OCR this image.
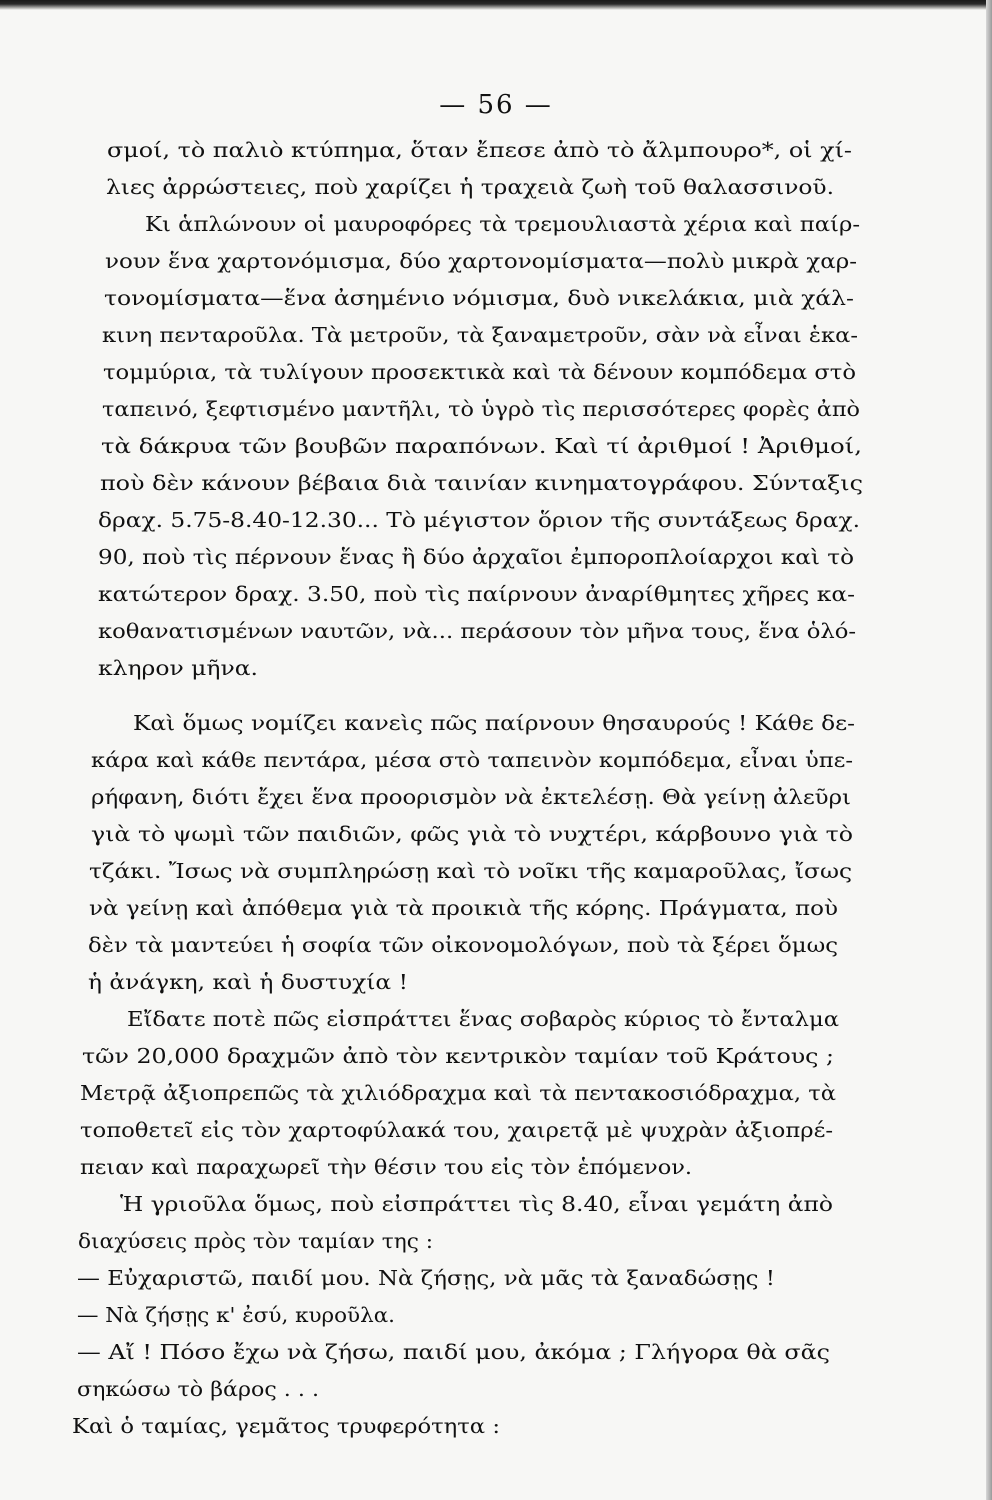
— 56 —
σμοί, τὸ παλιὸ κτύπημα, ὅταν ἔπεσε ἀπὸ τὸ ἄλμπουρο*, οἱ χί-
λιες ἀρρώστειες, ποὺ χαρίζει ἡ τραχειὰ ζωὴ τοῦ θαλασσινοῦ.
Κι ἁπλώνουν οἱ μαυροφόρες τὰ τρεμουλιαστὰ χέρια καὶ παίρ-
νουν ἕνα χαρτονόμισμα, δύο χαρτονομίσματα—πολὺ μικρὰ χαρ-
τονομίσματα—ἕνα ἀσημένιο νόμισμα, δυὸ νικελάκια, μιὰ χάλ-
κινη πενταροῦλα. Τὰ μετροῦν, τὰ ξαναμετροῦν, σὰν νὰ εἶναι ἑκα-
τομμύρια, τὰ τυλίγουν προσεκτικὰ καὶ τὰ δένουν κομπόδεμα στὸ
ταπεινό, ξεφτισμένο μαντῆλι, τὸ ὑγρὸ τὶς περισσότερες φορὲς ἀπὸ
τὰ δάκρυα τῶν βουβῶν παραπόνων. Καὶ τί ἀριθμοί ! Ἀριθμοί,
ποὺ δὲν κάνουν βέβαια διὰ ταινίαν κινηματογράφου. Σύνταξις
δραχ. 5.75-8.40-12.30... Τὸ μέγιστον ὅριον τῆς συντάξεως δραχ.
90, ποὺ τὶς πέρνουν ἕνας ἢ δύο ἀρχαῖοι ἐμποροπλοίαρχοι καὶ τὸ
κατώτερον δραχ. 3.50, ποὺ τὶς παίρνουν ἀναρίθμητες χῆρες κα-
κοθανατισμένων ναυτῶν, νὰ... περάσουν τὸν μῆνα τους, ἕνα ὁλό-
κληρον μῆνα.
Καὶ ὅμως νομίζει κανεὶς πῶς παίρνουν θησαυρούς ! Κάθε δε-
κάρα καὶ κάθε πεντάρα, μέσα στὸ ταπεινὸν κομπόδεμα, εἶναι ὑπε-
ρήφανη, διότι ἔχει ἕνα προορισμὸν νὰ ἐκτελέσῃ. Θὰ γείνῃ ἀλεῦρι
γιὰ τὸ ψωμὶ τῶν παιδιῶν, φῶς γιὰ τὸ νυχτέρι, κάρβουνο γιὰ τὸ
τζάκι. Ἴσως νὰ συμπληρώσῃ καὶ τὸ νοῖκι τῆς καμαροῦλας, ἴσως
νὰ γείνῃ καὶ ἀπόθεμα γιὰ τὰ προικιὰ τῆς κόρης. Πράγματα, ποὺ
δὲν τὰ μαντεύει ἡ σοφία τῶν οἰκονομολόγων, ποὺ τὰ ξέρει ὅμως
ἡ ἀνάγκη, καὶ ἡ δυστυχία !
Εἴδατε ποτὲ πῶς εἰσπράττει ἕνας σοβαρὸς κύριος τὸ ἔνταλμα
τῶν 20,000 δραχμῶν ἀπὸ τὸν κεντρικὸν ταμίαν τοῦ Κράτους ;
Μετρᾷ ἀξιοπρεπῶς τὰ χιλιόδραχμα καὶ τὰ πεντακοσιόδραχμα, τὰ
τοποθετεῖ εἰς τὸν χαρτοφύλακά του, χαιρετᾷ μὲ ψυχρὰν ἀξιοπρέ-
πειαν καὶ παραχωρεῖ τὴν θέσιν του εἰς τὸν ἑπόμενον.
Ἡ γριοῦλα ὅμως, ποὺ εἰσπράττει τὶς 8.40, εἶναι γεμάτη ἀπὸ
διαχύσεις πρὸς τὸν ταμίαν της :
— Εὐχαριστῶ, παιδί μου. Νὰ ζήσῃς, νὰ μᾶς τὰ ξαναδώσῃς !
— Νὰ ζήσῃς κ' ἐσύ, κυροῦλα.
— Αἴ ! Πόσο ἔχω νὰ ζήσω, παιδί μου, ἀκόμα ; Γλήγορα θὰ σᾶς
σηκώσω τὸ βάρος . . .
Καὶ ὁ ταμίας, γεμᾶτος τρυφερότητα :
